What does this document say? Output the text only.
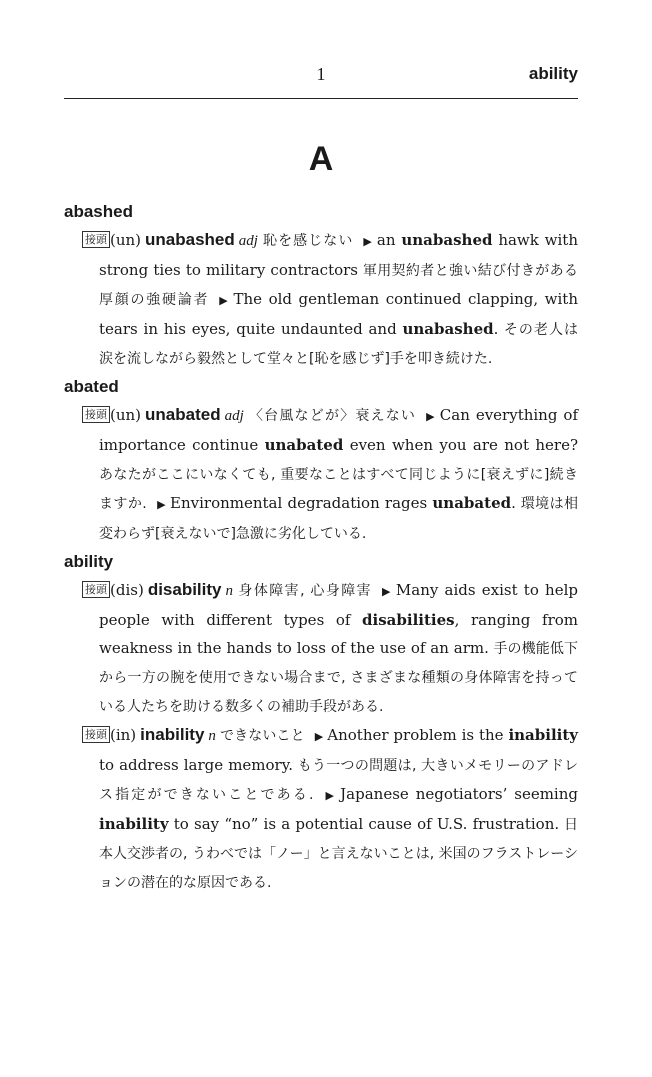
1	ability
A
abashed
接頭 (un) unabashed adj 恥を感じない ▶ an unabashed hawk with strong ties to military contractors 軍用契約者と強い結び付きがある厚顔の強硬論者 ▶ The old gentleman continued clapping, with tears in his eyes, quite undaunted and unabashed. その老人は涙を流しながら毅然として堂々と[恥を感じず]手を叩き続けた.
abated
接頭 (un) unabated adj 〈台風などが〉衰えない ▶ Can everything of importance continue unabated even when you are not here? あなたがここにいなくても, 重要なことはすべて同じように[衰えずに]続きますか. ▶ Environmental degradation rages unabated. 環境は相変わらず[衰えないで]急激に劣化している.
ability
接頭 (dis) disability n 身体障害, 心身障害 ▶ Many aids exist to help people with different types of disabilities, ranging from weakness in the hands to loss of the use of an arm. 手の機能低下から一方の腕を使用できない場合まで, さまざまな種類の身体障害を持っている人たちを助ける数多くの補助手段がある.
接頭 (in) inability n できないこと ▶ Another problem is the inability to address large memory. もう一つの問題は, 大きいメモリーのアドレス指定ができないことである. ▶ Japanese negotiators’ seeming inability to say “no” is a potential cause of U.S. frustration. 日本人交渉者の, うわべでは「ノー」と言えないことは, 米国のフラストレーションの潜在的な原因である.
